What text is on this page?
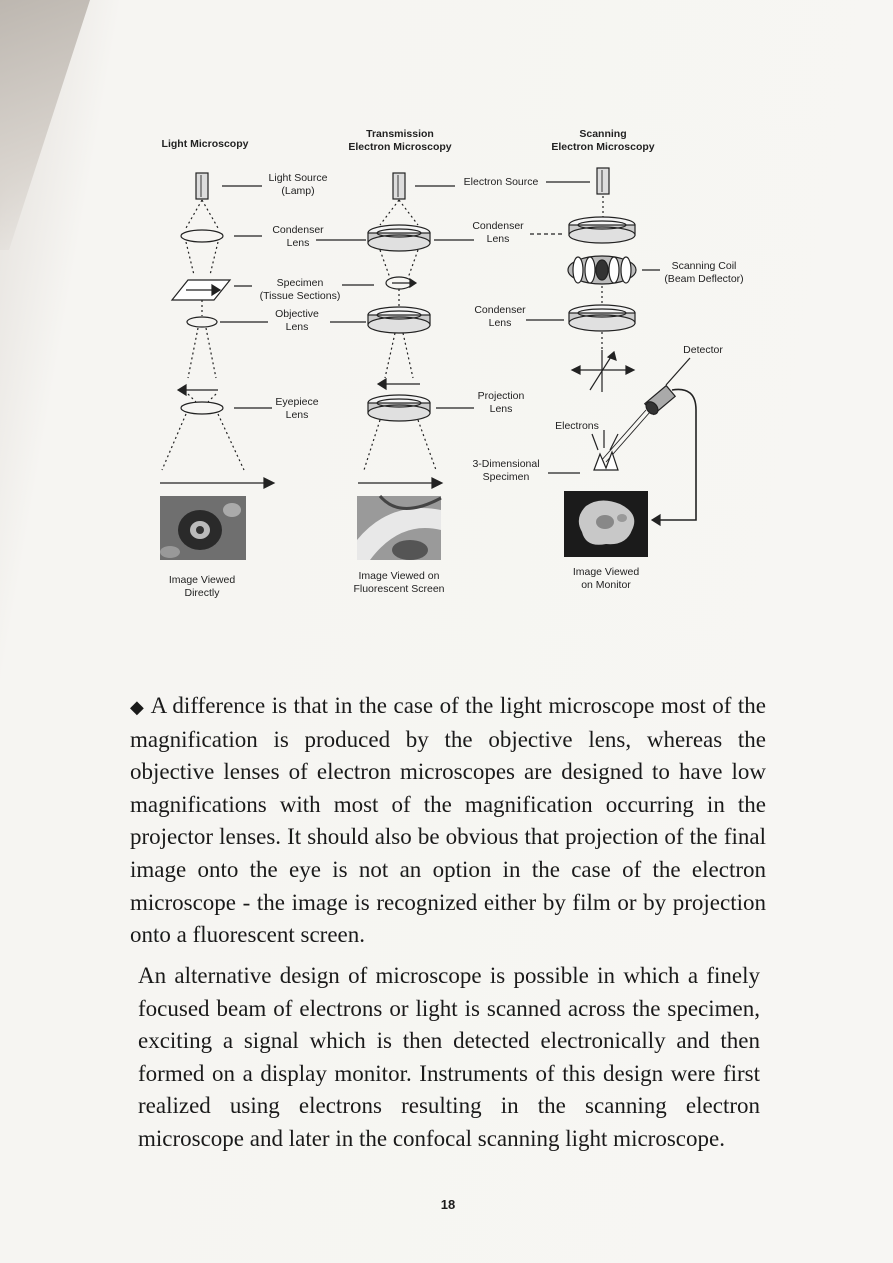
Light Microscopy
Transmission
Electron Microscopy
Scanning
Electron Microscopy
Light Source
(Lamp)
Electron Source
Condenser
Lens
Condenser
Lens
Scanning Coil
(Beam Deflector)
Specimen
(Tissue Sections)
Objective
Lens
Condenser
Lens
Detector
Eyepiece
Lens
Projection
Lens
Electrons
3-Dimensional
Specimen
Image Viewed
Directly
Image Viewed on
Fluorescent Screen
Image Viewed
on Monitor
◆ A difference is that in the case of the light microscope most of the magnification is produced by the objective lens, whereas the objective lenses of electron microscopes are designed to have low magnifications with most of the magnification occurring in the projector lenses. It should also be obvious that projection of the final image onto the eye is not an option in the case of the electron microscope - the image is recognized either by film or by projection onto a fluorescent screen.
An alternative design of microscope is possible in which a finely focused beam of electrons or light is scanned across the specimen, exciting a signal which is then detected electronically and then formed on a display monitor. Instruments of this design were first realized using electrons resulting in the scanning electron microscope and later in the confocal scanning light microscope.
18
